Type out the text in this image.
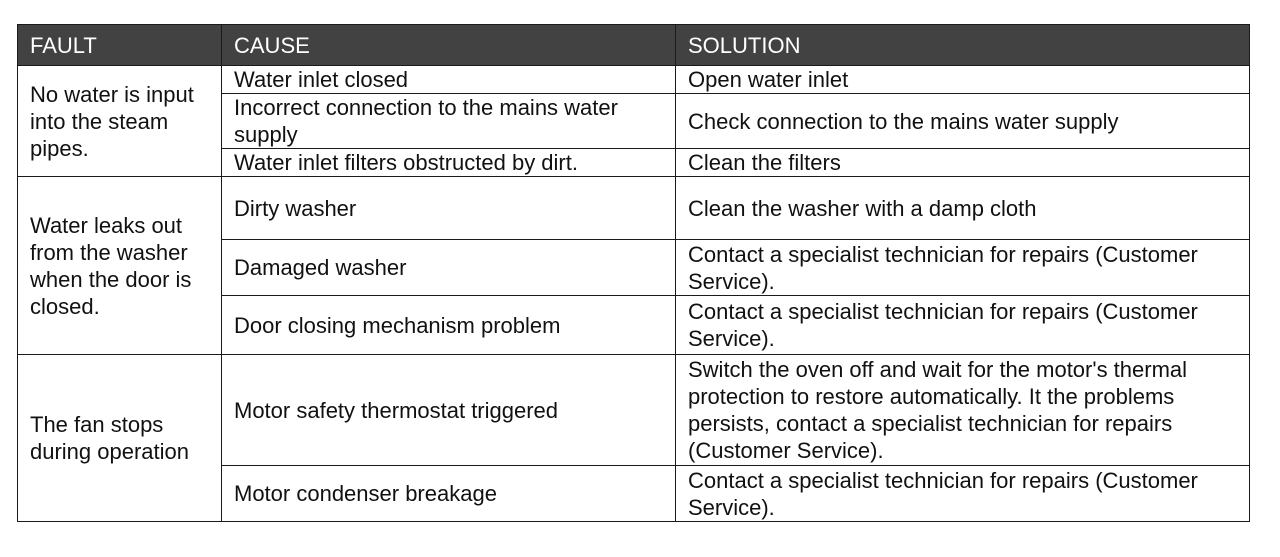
FAULT	CAUSE	SOLUTION
No water is input into the steam pipes.	Water inlet closed	Open water inlet
	Incorrect connection to the mains water supply	Check connection to the mains water supply
	Water inlet filters obstructed by dirt.	Clean the filters
Water leaks out from the washer when the door is closed.	Dirty washer	Clean the washer with a damp cloth
	Damaged washer	Contact a specialist technician for repairs (Customer Service).
	Door closing mechanism problem	Contact a specialist technician for repairs (Customer Service).
The fan stops during operation	Motor safety thermostat triggered	Switch the oven off and wait for the motor's thermal protection to restore automatically. It the problems persists, contact a specialist technician for repairs (Customer Service).
	Motor condenser breakage	Contact a specialist technician for repairs (Customer Service).
